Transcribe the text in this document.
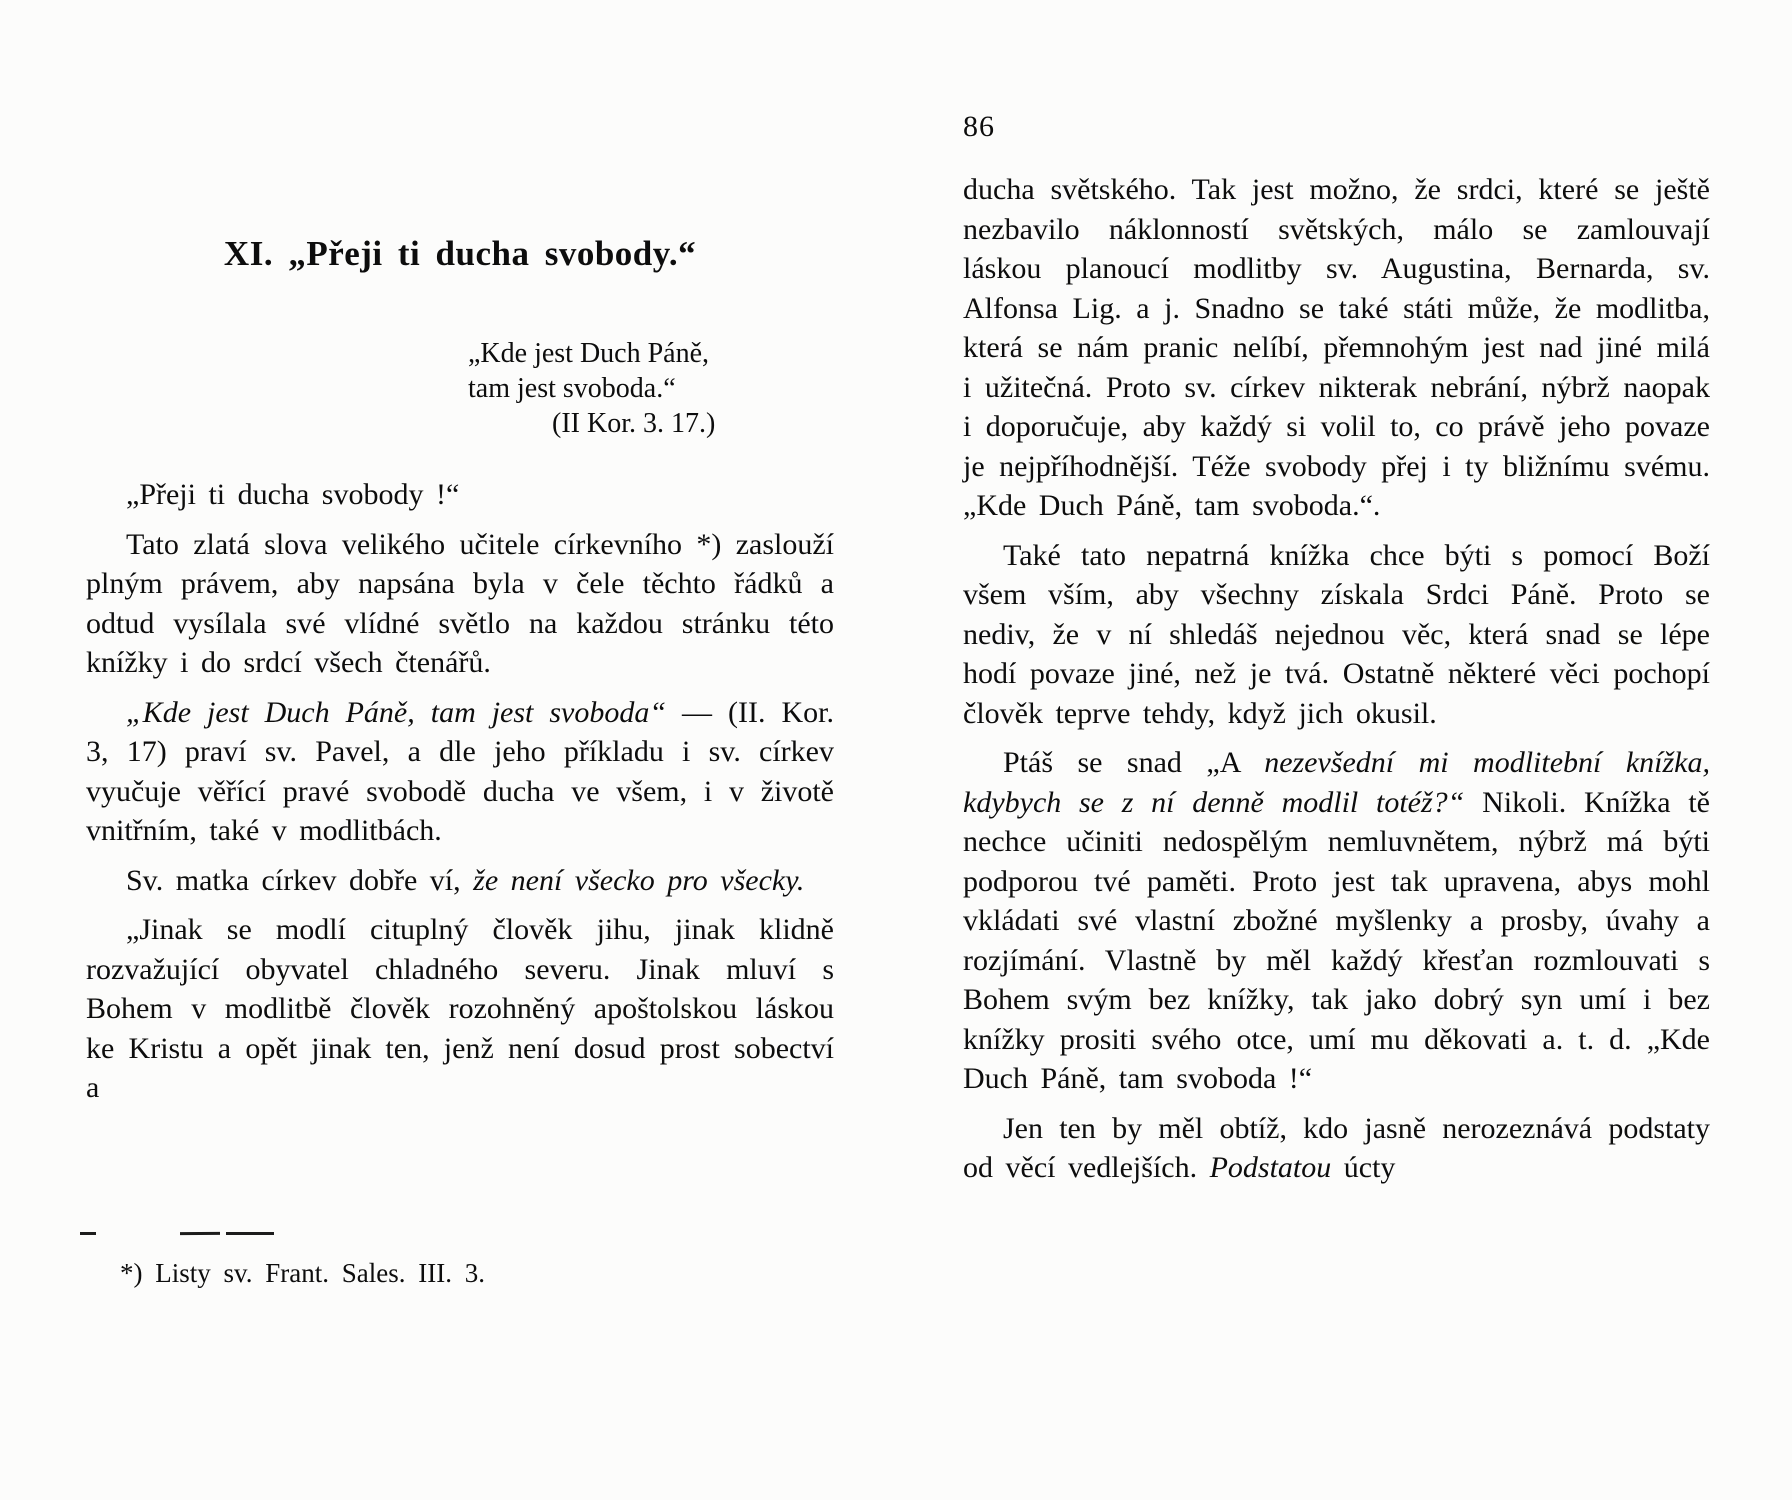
XI. „Přeji ti ducha svobody.“
„Kde jest Duch Páně,
tam jest svoboda.“
(II Kor. 3. 17.)

„Přeji ti ducha svobody !“

Tato zlatá slova velikého učitele církevního *) zaslouží plným právem, aby napsána byla v čele těchto řádků a odtud vysílala své vlídné světlo na každou stránku této knížky i do srdcí všech čtenářů.

„Kde jest Duch Páně, tam jest svoboda“ — (II. Kor. 3, 17) praví sv. Pavel, a dle jeho příkladu i sv. církev vyučuje věřící pravé svobodě ducha ve všem, i v životě vnitřním, také v modlitbách.

Sv. matka církev dobře ví, že není všecko pro všecky.

„Jinak se modlí cituplný člověk jihu, jinak klidně rozvažující obyvatel chladného severu. Jinak mluví s Bohem v modlitbě člověk rozohněný apoštolskou láskou ke Kristu a opět jinak ten, jenž není dosud prost sobectví a

*) Listy sv. Frant. Sales. III. 3.
86

ducha světského. Tak jest možno, že srdci, které se ještě nezbavilo náklonností světských, málo se zamlouvají láskou planoucí modlitby sv. Augustina, Bernarda, sv. Alfonsa Lig. a j. Snadno se také státi může, že modlitba, která se nám pranic nelíbí, přemnohým jest nad jiné milá i užitečná. Proto sv. církev nikterak nebrání, nýbrž naopak i doporučuje, aby každý si volil to, co právě jeho povaze je nejpříhodnější. Téže svobody přej i ty bližnímu svému. „Kde Duch Páně, tam svoboda.“.

Také tato nepatrná knížka chce býti s pomocí Boží všem vším, aby všechny získala Srdci Páně. Proto se nediv, že v ní shledáš nejednou věc, která snad se lépe hodí povaze jiné, než je tvá. Ostatně některé věci pochopí člověk teprve tehdy, když jich okusil.

Ptáš se snad „A nezevšední mi modlitební knížka, kdybych se z ní denně modlil totéž?“ Nikoli. Knížka tě nechce učiniti nedospělým nemluvnětem, nýbrž má býti podporou tvé paměti. Proto jest tak upravena, abys mohl vkládati své vlastní zbožné myšlenky a prosby, úvahy a rozjímání. Vlastně by měl každý křesťan rozmlouvati s Bohem svým bez knížky, tak jako dobrý syn umí i bez knížky prositi svého otce, umí mu děkovati a. t. d. „Kde Duch Páně, tam svoboda !“

Jen ten by měl obtíž, kdo jasně nerozeznává podstaty od věcí vedlejších. Podstatou úcty
